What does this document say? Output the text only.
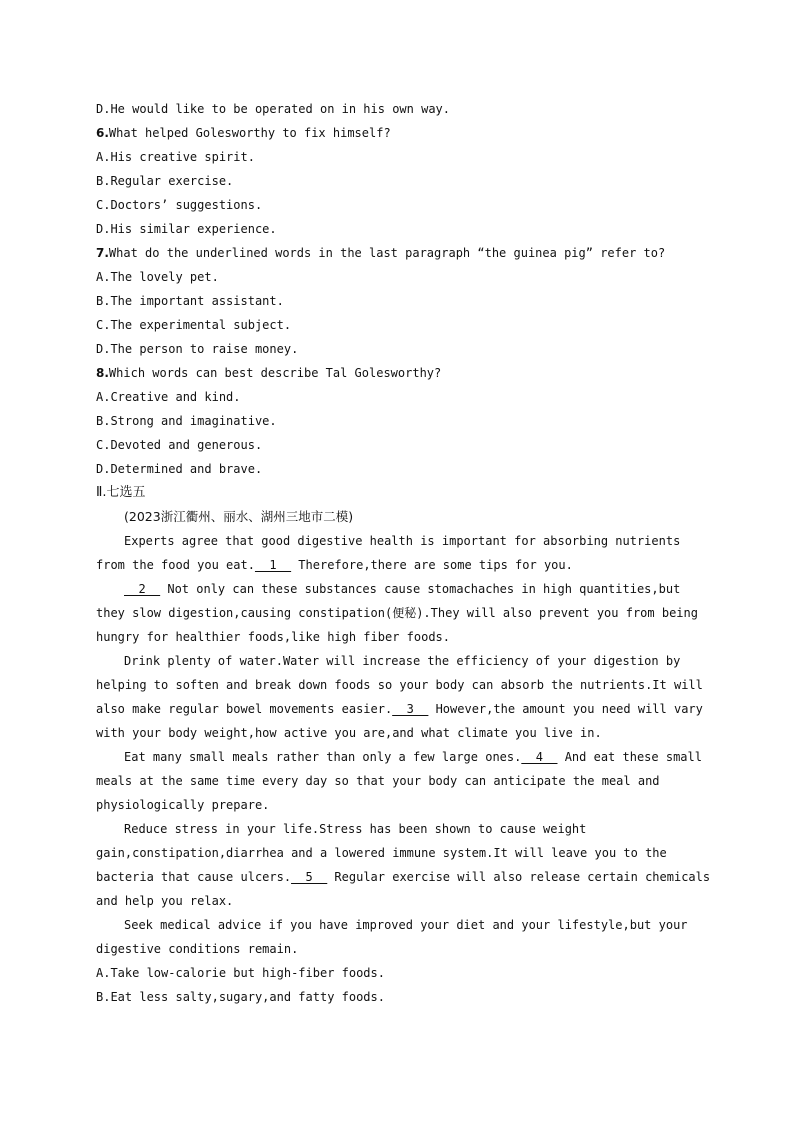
D.He would like to be operated on in his own way.
6.What helped Golesworthy to fix himself?
A.His creative spirit.
B.Regular exercise.
C.Doctors’ suggestions.
D.His similar experience.
7.What do the underlined words in the last paragraph “the guinea pig” refer to?
A.The lovely pet.
B.The important assistant.
C.The experimental subject.
D.The person to raise money.
8.Which words can best describe Tal Golesworthy?
A.Creative and kind.
B.Strong and imaginative.
C.Devoted and generous.
D.Determined and brave.
Ⅱ.七选五
(2023浙江衢州、丽水、湖州三地市二模)
Experts agree that good digestive health is important for absorbing nutrients
from the food you eat.__1__ Therefore,there are some tips for you.
__2__ Not only can these substances cause stomachaches in high quantities,but
they slow digestion,causing constipation(便秘).They will also prevent you from being
hungry for healthier foods,like high fiber foods.
Drink plenty of water.Water will increase the efficiency of your digestion by
helping to soften and break down foods so your body can absorb the nutrients.It will
also make regular bowel movements easier.__3__ However,the amount you need will vary
with your body weight,how active you are,and what climate you live in.
Eat many small meals rather than only a few large ones.__4__ And eat these small
meals at the same time every day so that your body can anticipate the meal and
physiologically prepare.
Reduce stress in your life.Stress has been shown to cause weight
gain,constipation,diarrhea and a lowered immune system.It will leave you to the
bacteria that cause ulcers.__5__ Regular exercise will also release certain chemicals
and help you relax.
Seek medical advice if you have improved your diet and your lifestyle,but your
digestive conditions remain.
A.Take low-calorie but high-fiber foods.
B.Eat less salty,sugary,and fatty foods.
